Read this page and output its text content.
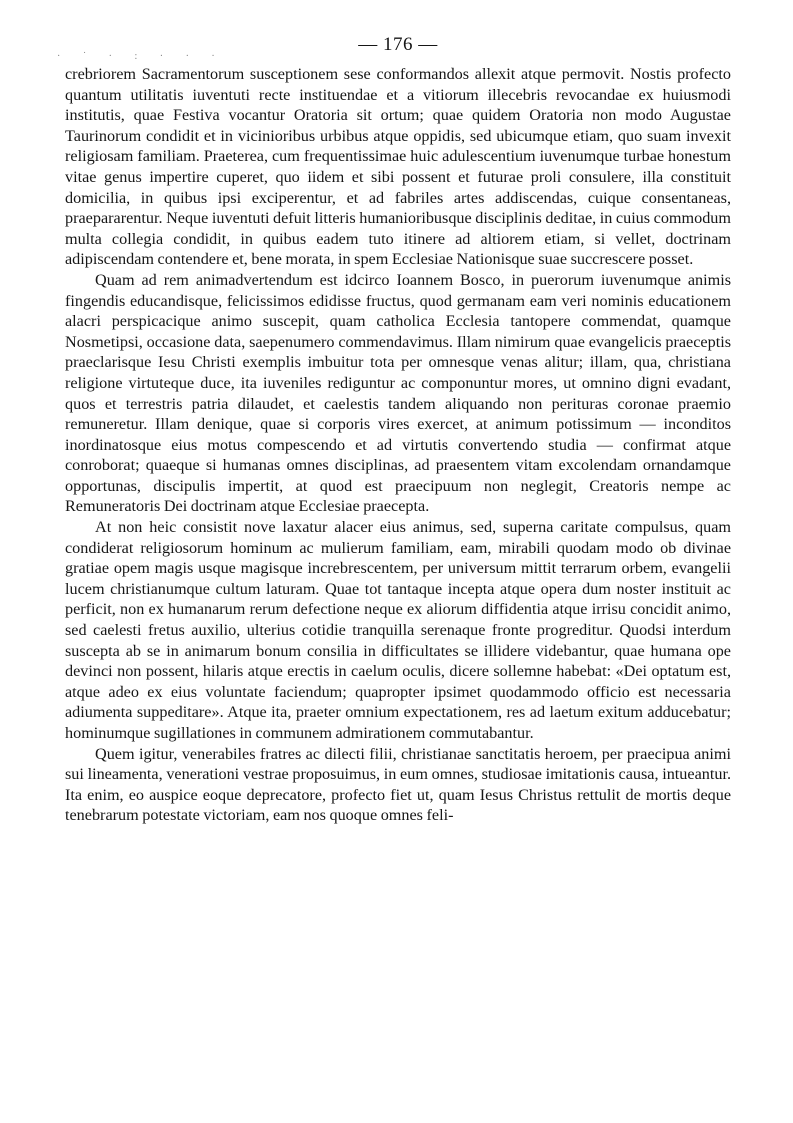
· ˙ · : · · ·
— 176 —

crebriorem Sacramentorum susceptionem sese conformandos allexit atque permovit. Nostis profecto quantum utilitatis iuventuti recte instituendae et a vitiorum illecebris revocandae ex huiusmodi institutis, quae Festiva vocantur Oratoria sit ortum; quae quidem Oratoria non modo Augustae Taurinorum condidit et in vicinioribus urbibus atque oppidis, sed ubicumque etiam, quo suam invexit religiosam familiam. Praeterea, cum frequentissimae huic adulescentium iuvenumque turbae honestum vitae genus impertire cuperet, quo iidem et sibi possent et futurae proli consulere, illa constituit domicilia, in quibus ipsi exciperentur, et ad fabriles artes addiscendas, cuique consentaneas, praepararentur. Neque iuventuti defuit litteris humanioribusque disciplinis deditae, in cuius commodum multa collegia condidit, in quibus eadem tuto itinere ad altiorem etiam, si vellet, doctrinam adipiscendam contendere et, bene morata, in spem Ecclesiae Nationisque suae succrescere posset.

Quam ad rem animadvertendum est idcirco Ioannem Bosco, in puerorum iuvenumque animis fingendis educandisque, felicissimos edidisse fructus, quod germanam eam veri nominis educationem alacri perspicacique animo suscepit, quam catholica Ecclesia tantopere commendat, quamque Nosmetipsi, occasione data, saepenumero commendavimus. Illam nimirum quae evangelicis praeceptis praeclarisque Iesu Christi exemplis imbuitur tota per omnesque venas alitur; illam, qua, christiana religione virtuteque duce, ita iuveniles rediguntur ac componuntur mores, ut omnino digni evadant, quos et terrestris patria dilaudet, et caelestis tandem aliquando non perituras coronae praemio remuneretur. Illam denique, quae si corporis vires exercet, at animum potissimum — inconditos inordinatosque eius motus compescendo et ad virtutis convertendo studia — confirmat atque conroborat; quaeque si humanas omnes disciplinas, ad praesentem vitam excolendam ornandamque opportunas, discipulis impertit, at quod est praecipuum non neglegit, Creatoris nempe ac Remuneratoris Dei doctrinam atque Ecclesiae praecepta.

At non heic consistit nove laxatur alacer eius animus, sed, superna caritate compulsus, quam condiderat religiosorum hominum ac mulierum familiam, eam, mirabili quodam modo ob divinae gratiae opem magis usque magisque increbrescentem, per universum mittit terrarum orbem, evangelii lucem christianumque cultum laturam. Quae tot tantaque incepta atque opera dum noster instituit ac perficit, non ex humanarum rerum defectione neque ex aliorum diffidentia atque irrisu concidit animo, sed caelesti fretus auxilio, ulterius cotidie tranquilla serenaque fronte progreditur. Quodsi interdum suscepta ab se in animarum bonum consilia in difficultates se illidere videbantur, quae humana ope devinci non possent, hilaris atque erectis in caelum oculis, dicere sollemne habebat: «Dei optatum est, atque adeo ex eius voluntate faciendum; quapropter ipsimet quodammodo officio est necessaria adiumenta suppeditare». Atque ita, praeter omnium expectationem, res ad laetum exitum adducebatur; hominumque sugillationes in communem admirationem commutabantur.

Quem igitur, venerabiles fratres ac dilecti filii, christianae sanctitatis heroem, per praecipua animi sui lineamenta, venerationi vestrae proposuimus, in eum omnes, studiosae imitationis causa, intueantur. Ita enim, eo auspice eoque deprecatore, profecto fiet ut, quam Iesus Christus rettulit de mortis deque tenebrarum potestate victoriam, eam nos quoque omnes feli-
